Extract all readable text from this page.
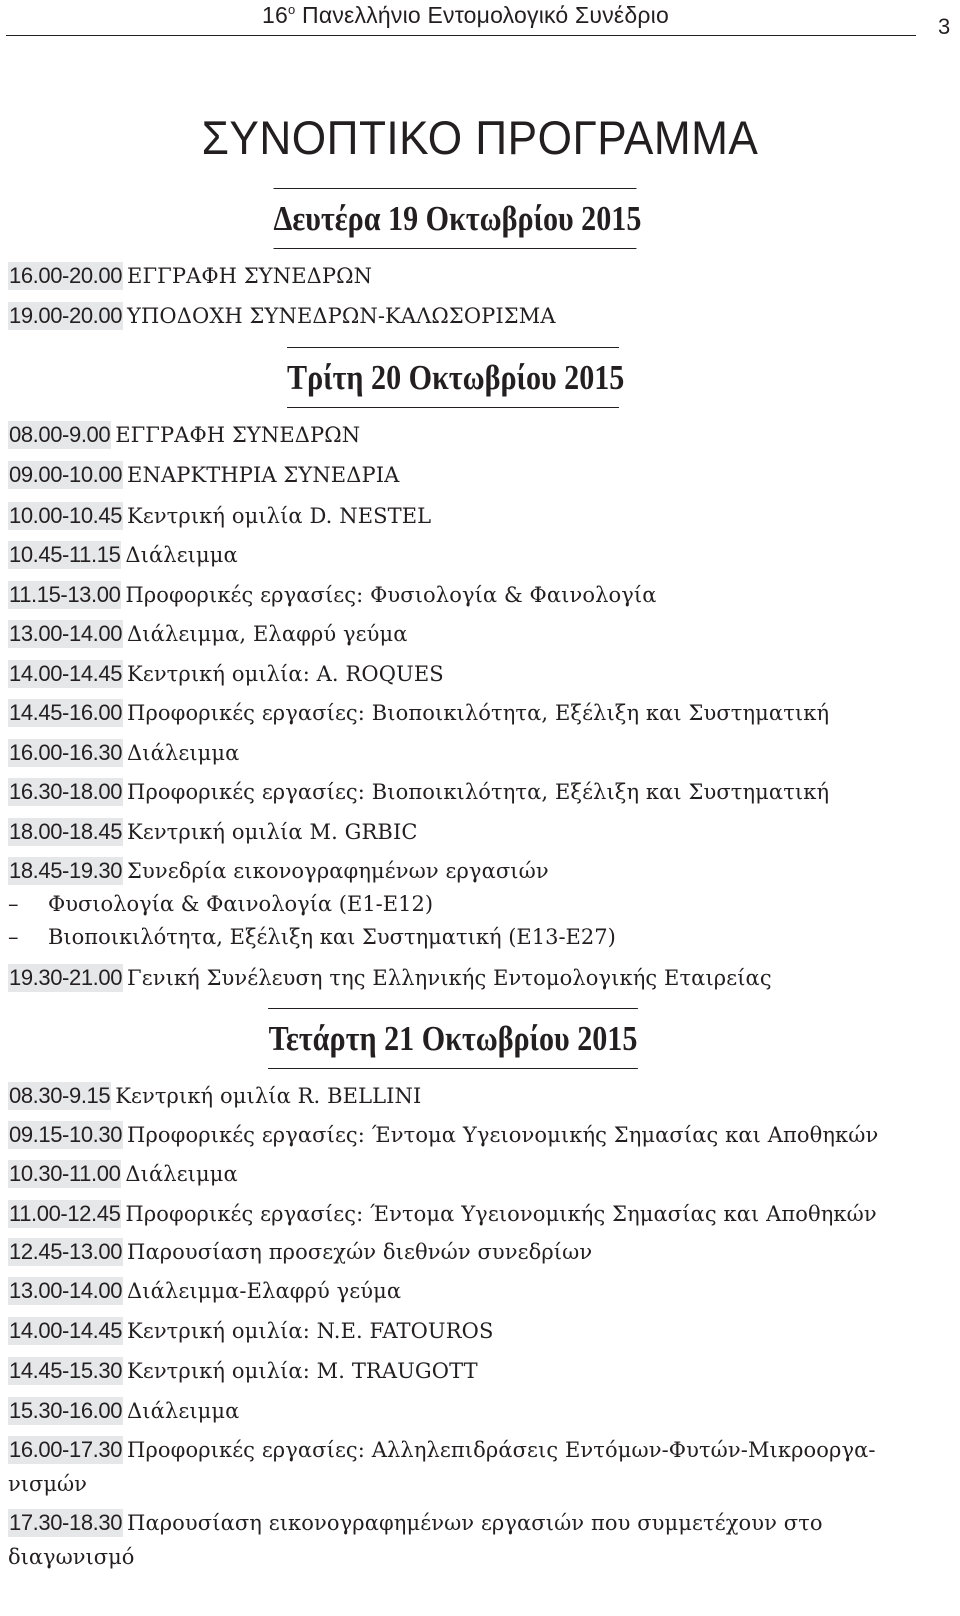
$16^o$ Πανελλήνιο Εντομολογικό Συνέδριο	3
ΣΥΝΟΠΤΙΚΟ ΠΡΟΓΡΑΜΜΑ
Δευτέρα 19 Οκτωβρίου 2015
16.00-20.00 ΕΓΓΡΑΦΗ ΣΥΝΕΔΡΩΝ
19.00-20.00 ΥΠΟΔΟΧΗ ΣΥΝΕΔΡΩΝ-ΚΑΛΩΣΟΡΙΣΜΑ
Τρίτη 20 Οκτωβρίου 2015
08.00-9.00 ΕΓΓΡΑΦΗ ΣΥΝΕΔΡΩΝ
09.00-10.00 ΕΝΑΡΚΤΗΡΙΑ ΣΥΝΕΔΡΙΑ
10.00-10.45 Κεντρική ομιλία D. NESTEL
10.45-11.15 Διάλειμμα
11.15-13.00 Προφορικές εργασίες: Φυσιολογία & Φαινολογία
13.00-14.00 Διάλειμμα, Ελαφρύ γεύμα
14.00-14.45 Κεντρική ομιλία: A. ROQUES
14.45-16.00 Προφορικές εργασίες: Βιοποικιλότητα, Εξέλιξη και Συστηματική
16.00-16.30 Διάλειμμα
16.30-18.00 Προφορικές εργασίες: Βιοποικιλότητα, Εξέλιξη και Συστηματική
18.00-18.45 Κεντρική ομιλία M. GRBIC
18.45-19.30 Συνεδρία εικονογραφημένων εργασιών
– Φυσιολογία & Φαινολογία (E1-E12)
– Βιοποικιλότητα, Εξέλιξη και Συστηματική (Ε13-Ε27)
19.30-21.00 Γενική Συνέλευση της Ελληνικής Εντομολογικής Εταιρείας
Τετάρτη 21 Οκτωβρίου 2015
08.30-9.15 Κεντρική ομιλία R. BELLINI
09.15-10.30 Προφορικές εργασίες: Έντομα Υγειονομικής Σημασίας και Αποθηκών
10.30-11.00 Διάλειμμα
11.00-12.45 Προφορικές εργασίες: Έντομα Υγειονομικής Σημασίας και Αποθηκών
12.45-13.00 Παρουσίαση προσεχών διεθνών συνεδρίων
13.00-14.00 Διάλειμμα-Ελαφρύ γεύμα
14.00-14.45 Κεντρική ομιλία: N.E. FATOUROS
14.45-15.30 Κεντρική ομιλία: M. TRAUGOTT
15.30-16.00 Διάλειμμα
16.00-17.30 Προφορικές εργασίες: Αλληλεπιδράσεις Εντόμων-Φυτών-Μικροοργα-
νισμών
17.30-18.30 Παρουσίαση εικονογραφημένων εργασιών που συμμετέχουν στο
διαγωνισμό
